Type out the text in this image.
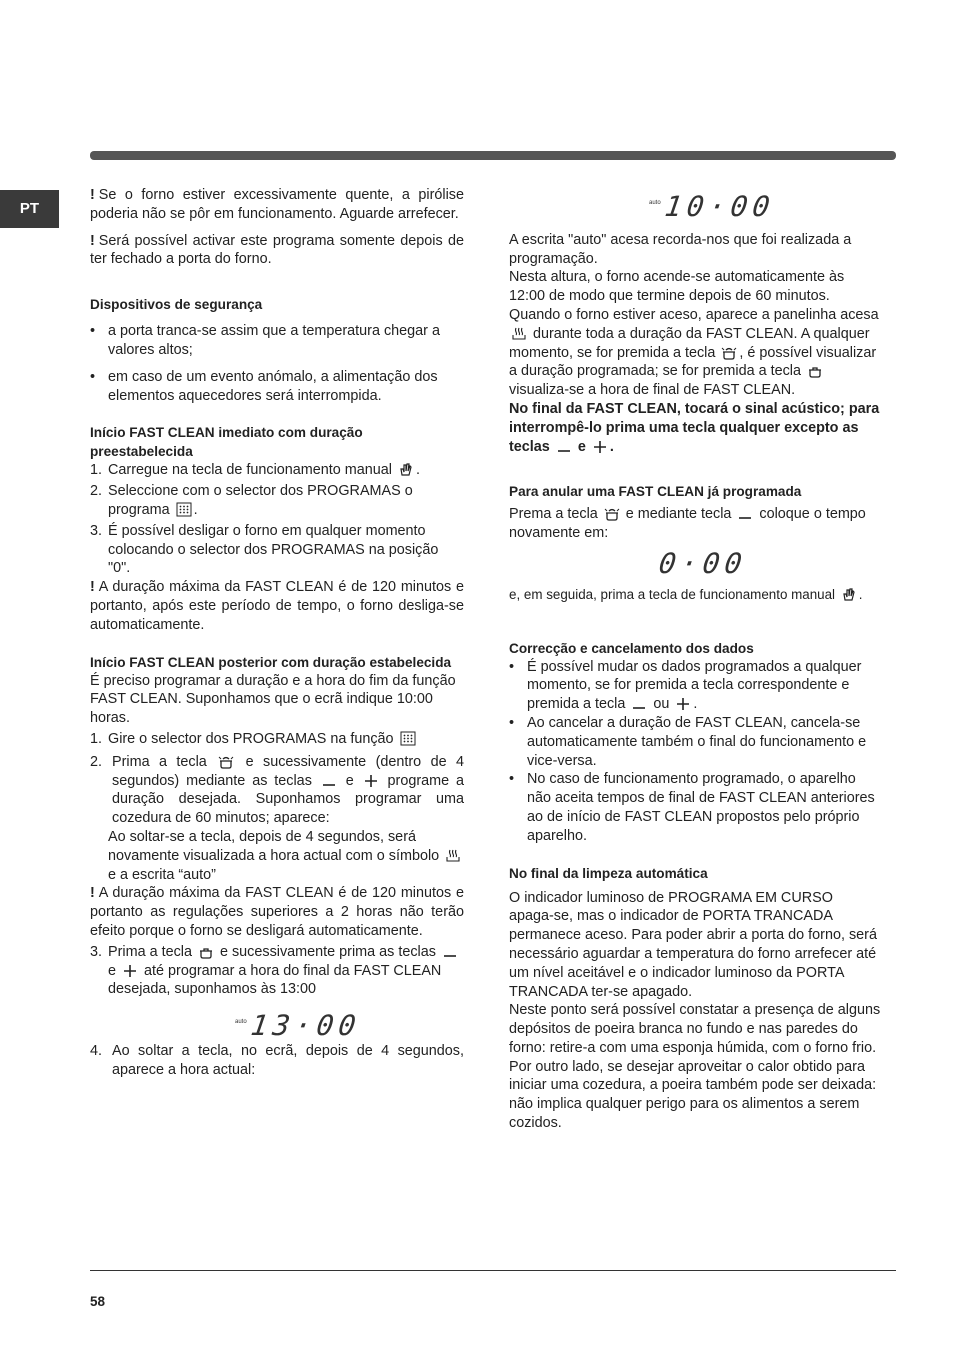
PT

! Se o forno estiver excessivamente quente, a pirólise poderia não se pôr em funcionamento. Aguarde arrefecer.

! Será possível activar este programa somente depois de ter fechado a porta do forno.

Dispositivos de segurança

• a porta tranca-se assim que a temperatura chegar a valores altos;
• em caso de um evento anómalo, a alimentação dos elementos aquecedores será interrompida.

Início FAST CLEAN imediato com duração preestabelecida

1. Carregue na tecla de funcionamento manual .
2. Seleccione com o selector dos PROGRAMAS o programa .
3. É possível desligar o forno em qualquer momento colocando o selector dos PROGRAMAS na posição "0".

! A duração máxima da FAST CLEAN é de 120 minutos e portanto, após este período de tempo, o forno desliga-se automaticamente.

Início FAST CLEAN posterior com duração estabelecida

É preciso programar a duração e a hora do fim da função FAST CLEAN. Suponhamos que o ecrã indique 10:00 horas.

1. Gire o selector dos PROGRAMAS na função
2. Prima a tecla	e sucessivamente (dentro de 4 segundos) mediante as teclas e programe a duração desejada. Suponhamos programar uma cozedura de 60 minutos; aparece:

Ao soltar-se a tecla, depois de 4 segundos, será novamente visualizada a hora actual com o símbolo
e a escrita “auto”

! A duração máxima da FAST CLEAN é de 120 minutos e portanto as regulações superiores a 2 horas não terão efeito porque o forno se desligará automaticamente.

3. Prima a tecla e sucessivamente prima as teclas
e até programar a hora do final da FAST CLEAN desejada, suponhamos às 13:00
auto 13·00
4. Ao soltar a tecla, no ecrã, depois de 4 segundos, aparece a hora actual:
auto 10·00

A escrita "auto" acesa recorda-nos que foi realizada a programação.

Nesta altura, o forno acende-se automaticamente às 12:00 de modo que termine depois de 60 minutos. Quando o forno estiver aceso, aparece a panelinha acesa
durante toda a duração da FAST CLEAN. A qualquer momento, se for premida a tecla , é possível visualizar a duração programada; se for premida a tecla
visualiza-se a hora de final de FAST CLEAN.

No final da FAST CLEAN, tocará o sinal acústico; para interrompê-lo prima uma tecla qualquer excepto as teclas e .

Para anular uma FAST CLEAN já programada

Prema a tecla e mediante tecla coloque o tempo novamente em:

0·00

e, em seguida, prima a tecla de funcionamento manual .

Correcção e cancelamento dos dados

• É possível mudar os dados programados a qualquer momento, se for premida a tecla correspondente e premida a tecla ou .
• Ao cancelar a duração de FAST CLEAN, cancela-se automaticamente também o final do funcionamento e vice-versa.
• No caso de funcionamento programado, o aparelho não aceita tempos de final de FAST CLEAN anteriores ao de início de FAST CLEAN propostos pelo próprio aparelho.

No final da limpeza automática

O indicador luminoso de PROGRAMA EM CURSO apaga-se, mas o indicador de PORTA TRANCADA permanece aceso. Para poder abrir a porta do forno, será necessário aguardar a temperatura do forno arrefecer até um nível aceitável e o indicador luminoso da PORTA TRANCADA ter-se apagado.

Neste ponto será possível constatar a presença de alguns depósitos de poeira branca no fundo e nas paredes do forno: retire-a com uma esponja húmida, com o forno frio.

Por outro lado, se desejar aproveitar o calor obtido para iniciar uma cozedura, a poeira também pode ser deixada: não implica qualquer perigo para os alimentos a serem cozidos.

58
